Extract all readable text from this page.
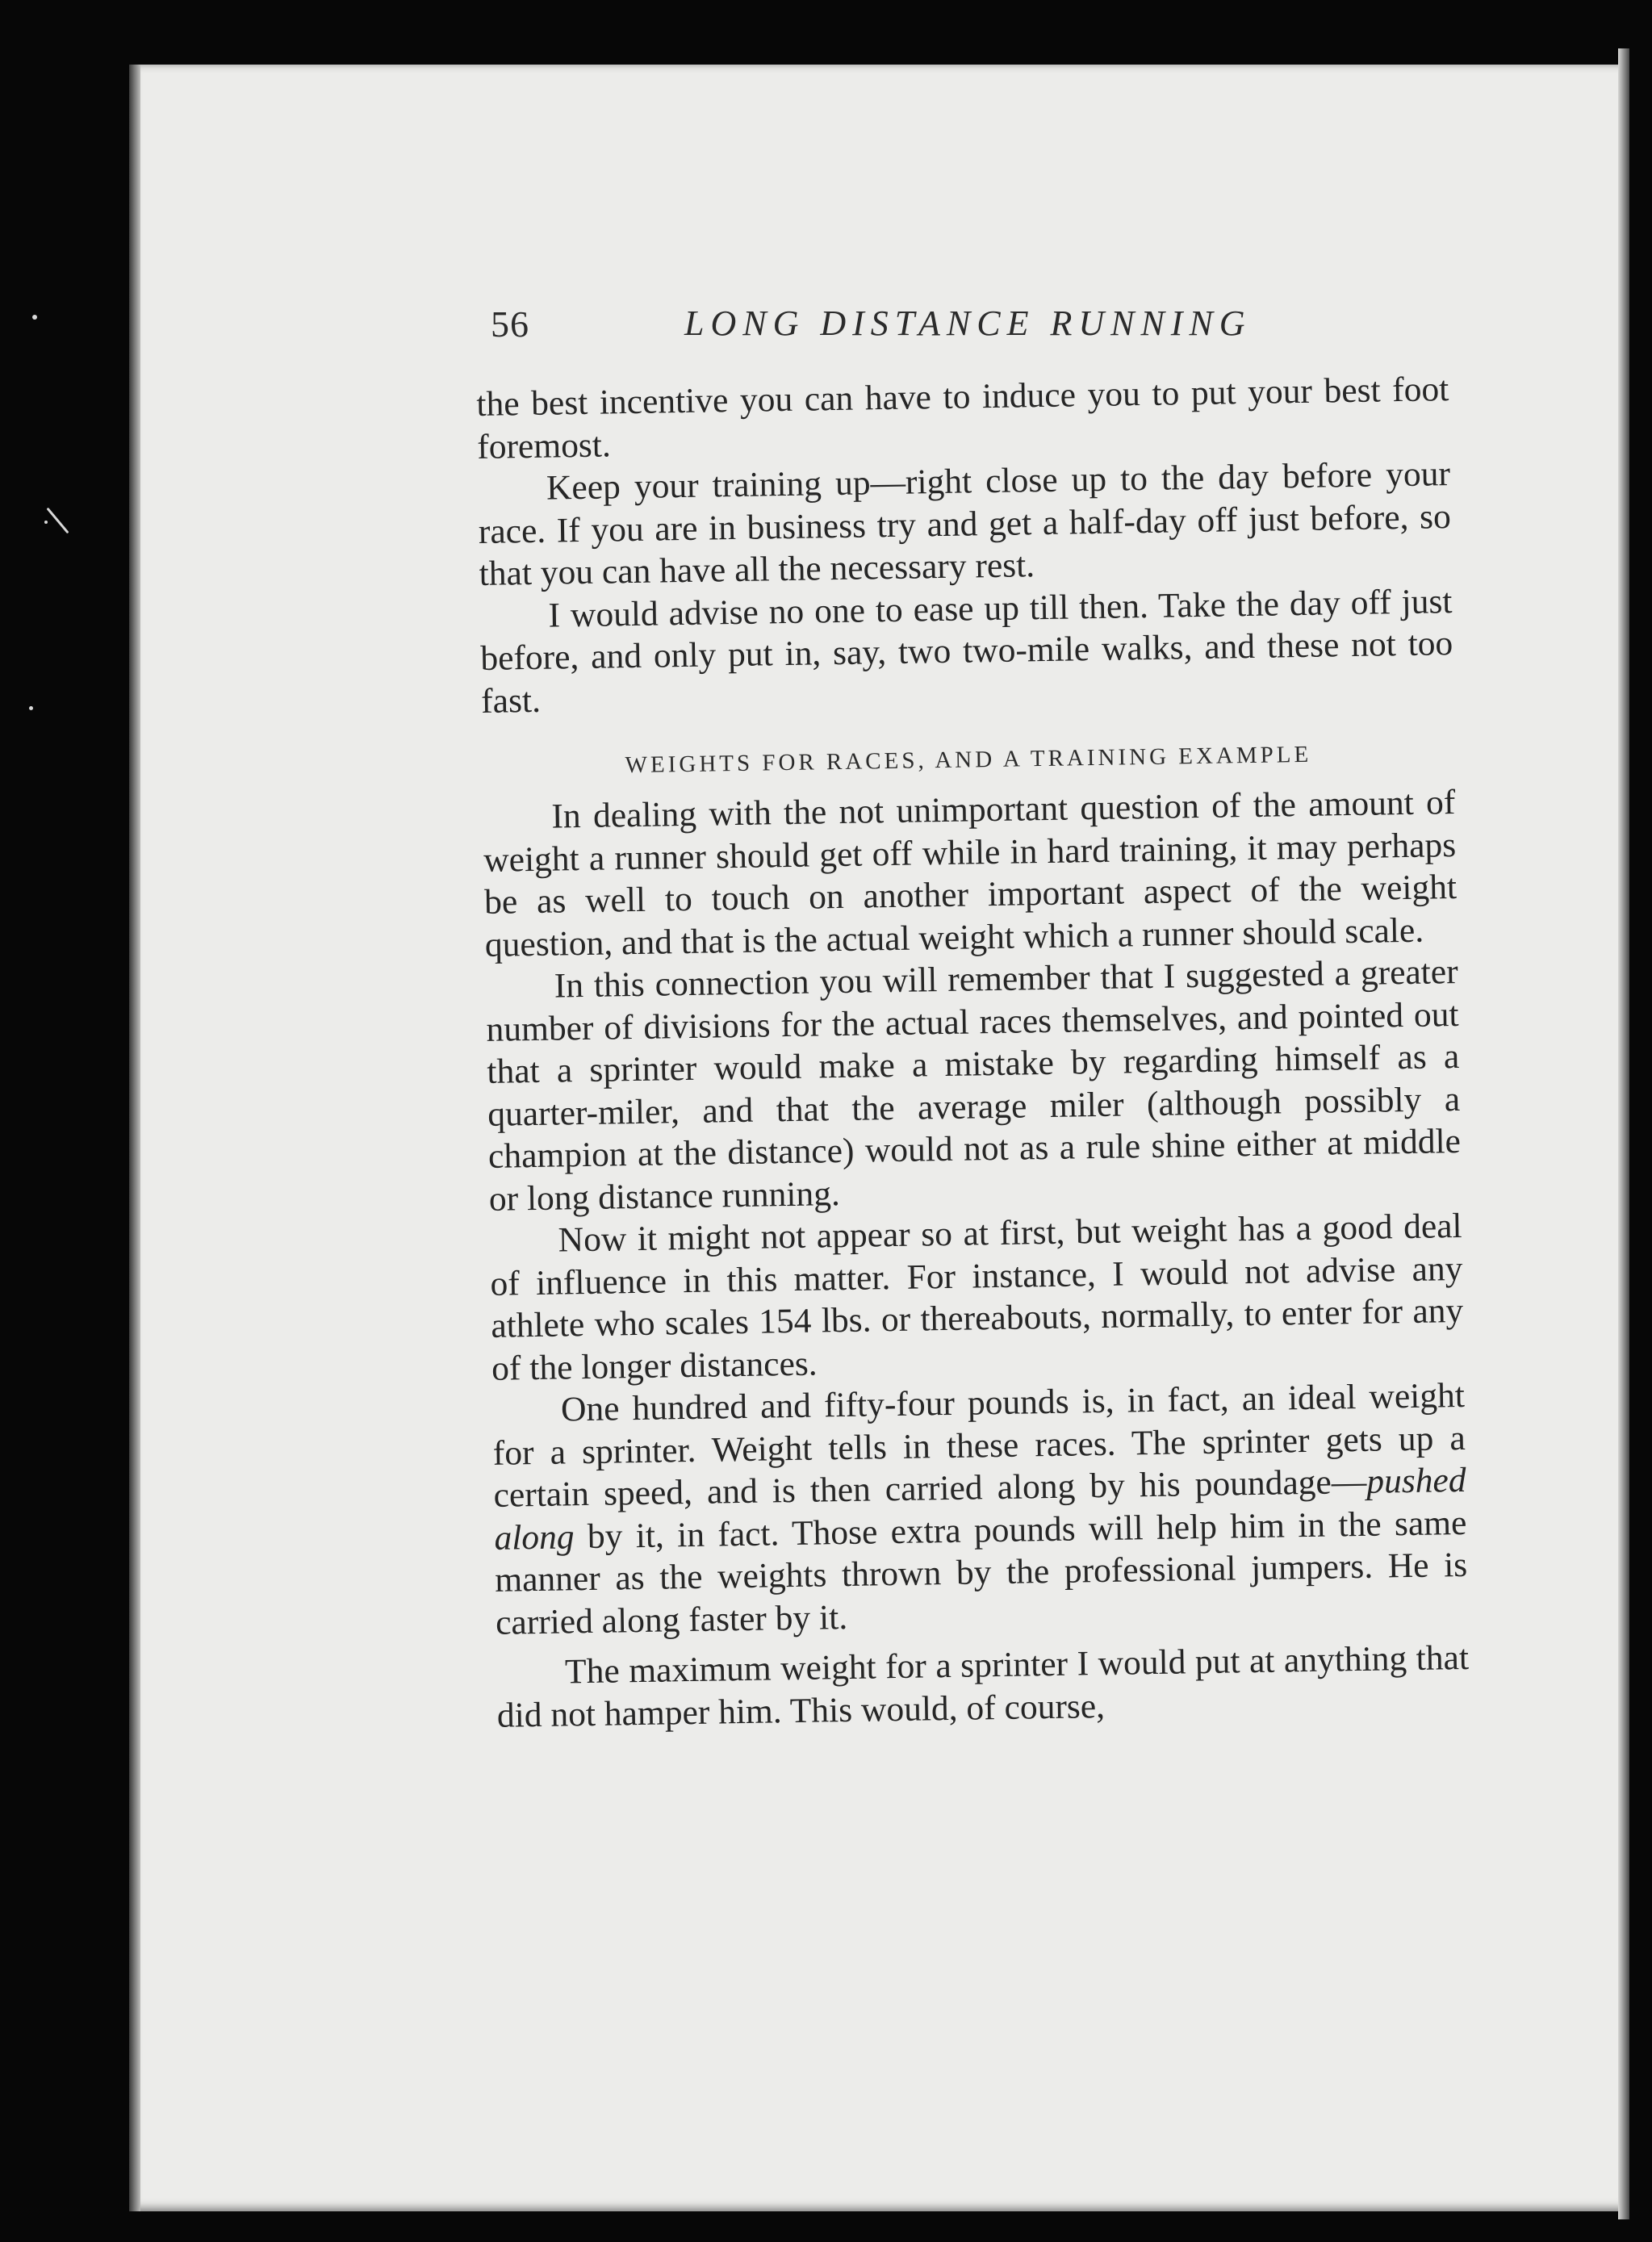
56	LONG DISTANCE RUNNING

the best incentive you can have to induce you to put your best foot foremost.

Keep your training up—right close up to the day before your race. If you are in business try and get a half-day off just before, so that you can have all the necessary rest.

I would advise no one to ease up till then. Take the day off just before, and only put in, say, two two-mile walks, and these not too fast.

WEIGHTS FOR RACES, AND A TRAINING EXAMPLE

In dealing with the not unimportant question of the amount of weight a runner should get off while in hard training, it may perhaps be as well to touch on another important aspect of the weight question, and that is the actual weight which a runner should scale.

In this connection you will remember that I suggested a greater number of divisions for the actual races themselves, and pointed out that a sprinter would make a mistake by regarding himself as a quarter-miler, and that the average miler (although possibly a champion at the distance) would not as a rule shine either at middle or long distance running.

Now it might not appear so at first, but weight has a good deal of influence in this matter. For instance, I would not advise any athlete who scales 154 lbs. or thereabouts, normally, to enter for any of the longer distances.

One hundred and fifty-four pounds is, in fact, an ideal weight for a sprinter. Weight tells in these races. The sprinter gets up a certain speed, and is then carried along by his poundage—pushed along by it, in fact. Those extra pounds will help him in the same manner as the weights thrown by the professional jumpers. He is carried along faster by it.

The maximum weight for a sprinter I would put at anything that did not hamper him. This would, of course,
